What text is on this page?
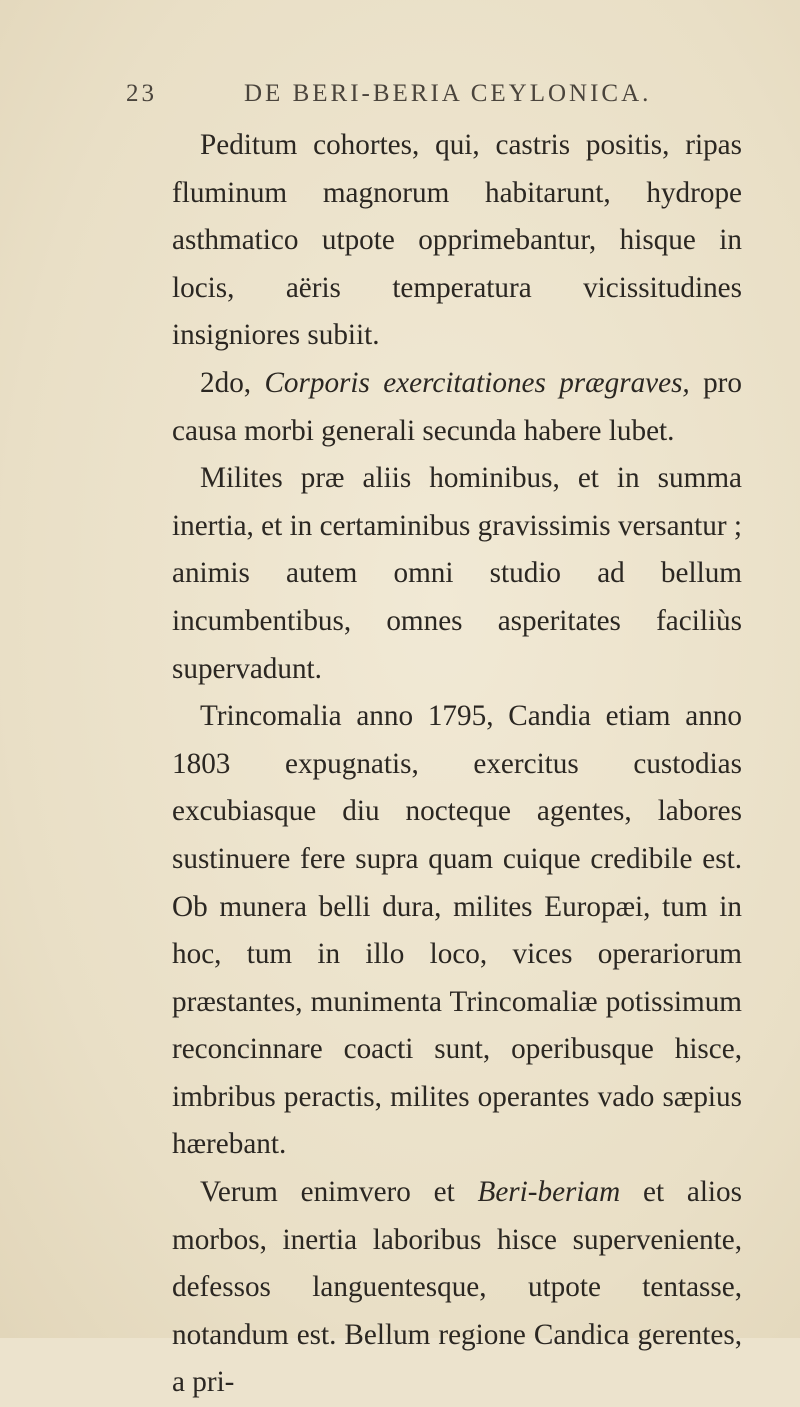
23	DE BERI-BERIA CEYLONICA.

Peditum cohortes, qui, castris positis, ripas fluminum magnorum habitarunt, hydrope asthmatico utpote opprimebantur, hisque in locis, aëris temperatura vicissitudines insigniores subiit.

2do, Corporis exercitationes prægraves, pro causa morbi generali secunda habere lubet.

Milites præ aliis hominibus, et in summa inertia, et in certaminibus gravissimis versantur ; animis autem omni studio ad bellum incumbentibus, omnes asperitates faciliùs supervadunt.

Trincomalia anno 1795, Candia etiam anno 1803 expugnatis, exercitus custodias excubiasque diu nocteque agentes, labores sustinuere fere supra quam cuique credibile est. Ob munera belli dura, milites Europæi, tum in hoc, tum in illo loco, vices operariorum præstantes, munimenta Trincomaliæ potissimum reconcinnare coacti sunt, operibusque hisce, imbribus peractis, milites operantes vado sæpius hærebant.

Verum enimvero et Beri-beriam et alios morbos, inertia laboribus hisce superveniente, defessos languentesque, utpote tentasse, notandum est. Bellum regione Candica gerentes, a pri-
